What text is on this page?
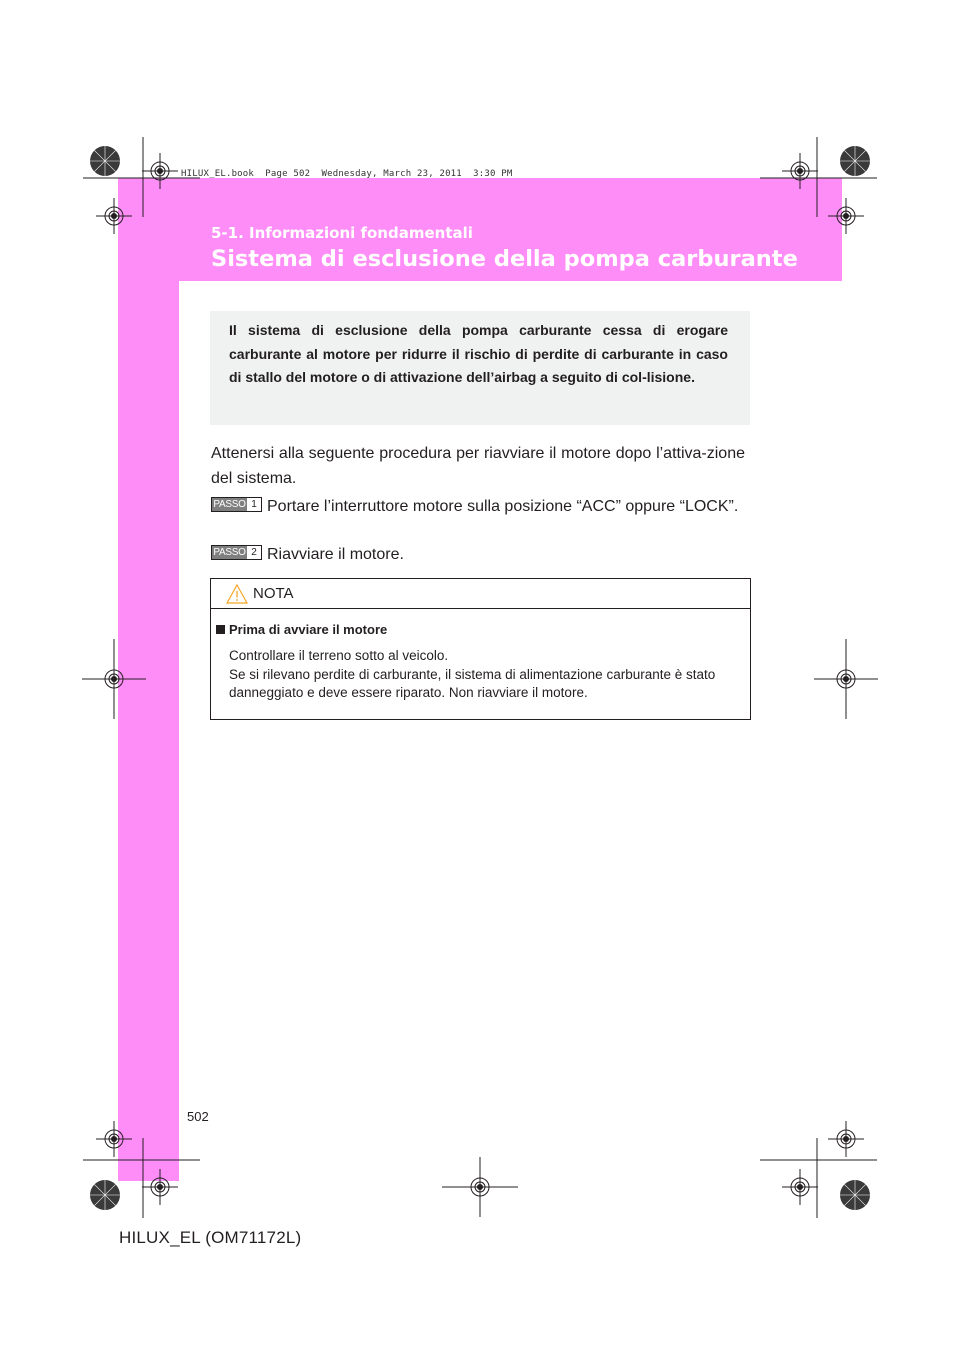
HILUX_EL.book  Page 502  Wednesday, March 23, 2011  3:30 PM
5-1. Informazioni fondamentali
Sistema di esclusione della pompa carburante

Il sistema di esclusione della pompa carburante cessa di erogare carburante al motore per ridurre il rischio di perdite di carburante in caso di stallo del motore o di attivazione dell’airbag a seguito di col-lisione.

Attenersi alla seguente procedura per riavviare il motore dopo l’attiva-zione del sistema.

PASSO 1 Portare l’interruttore motore sulla posizione “ACC” oppure “LOCK”.

PASSO 2 Riavviare il motore.

NOTA
Prima di avviare il motore

Controllare il terreno sotto al veicolo.

Se si rilevano perdite di carburante, il sistema di alimentazione carburante è stato danneggiato e deve essere riparato. Non riavviare il motore.

502
HILUX_EL (OM71172L)
